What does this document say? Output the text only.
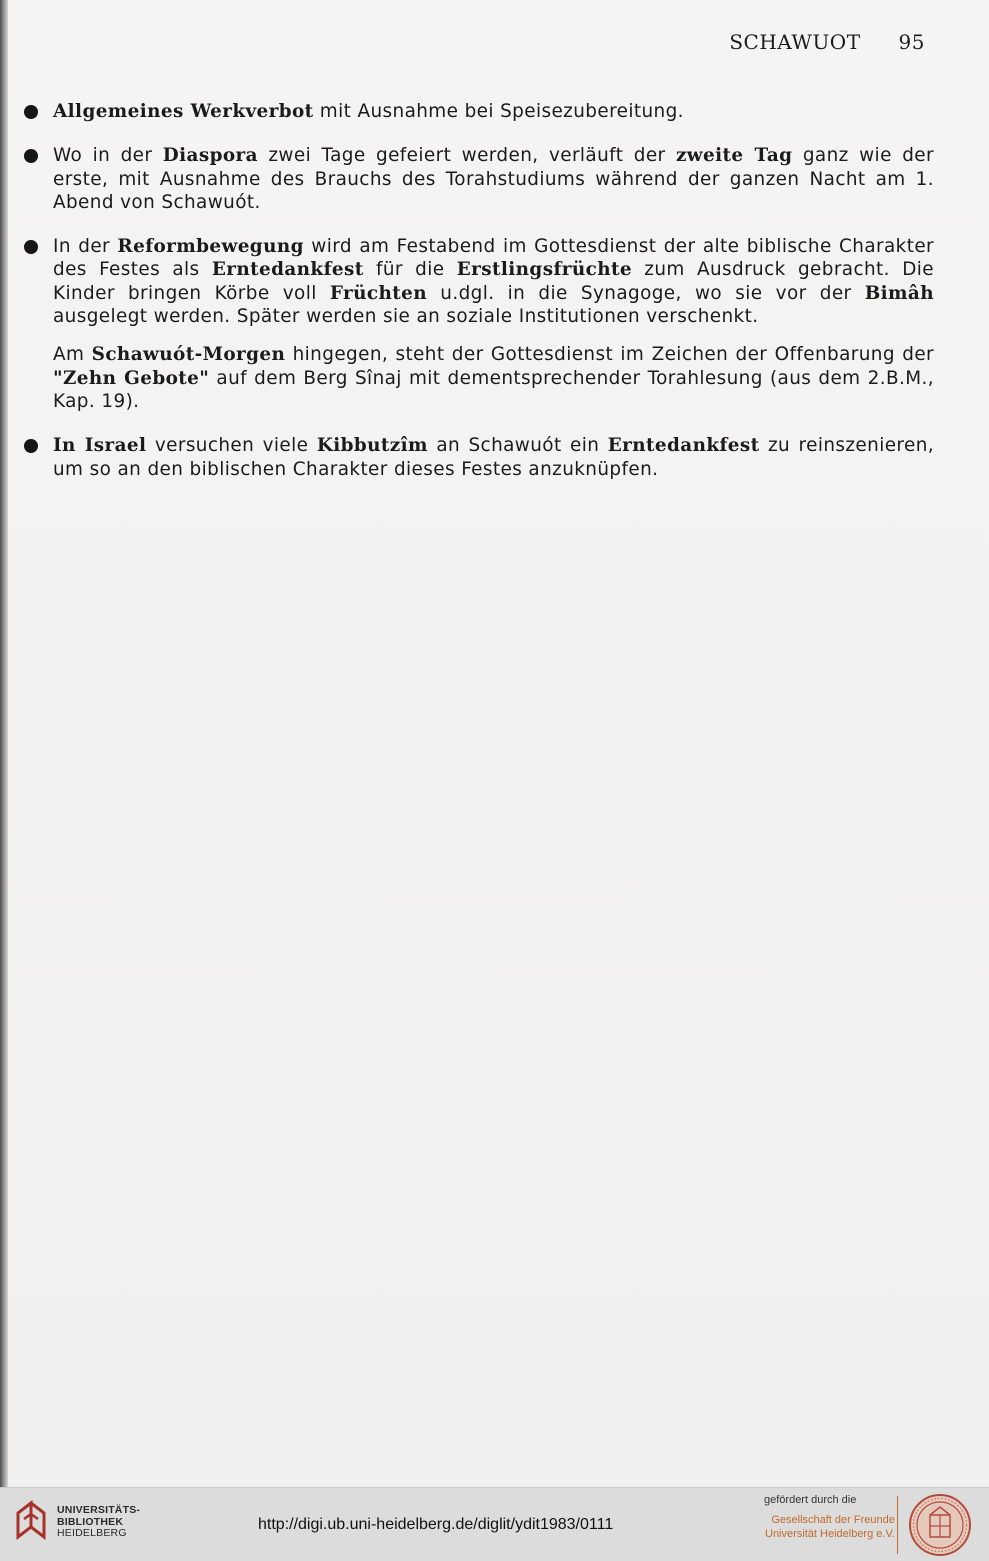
SCHAWUOT 95

Allgemeines Werkverbot mit Ausnahme bei Speisezubereitung.

Wo in der Diaspora zwei Tage gefeiert werden, verläuft der zweite Tag ganz wie der erste, mit Ausnahme des Brauchs des Torahstudiums während der ganzen Nacht am 1. Abend von Schawuót.

In der Reformbewegung wird am Festabend im Gottesdienst der alte biblische Charakter des Festes als Erntedankfest für die Erstlingsfrüchte zum Ausdruck gebracht. Die Kinder bringen Körbe voll Früchten u.dgl. in die Synagoge, wo sie vor der Bimâh ausgelegt werden. Später werden sie an soziale Institutionen verschenkt.

Am Schawuót-Morgen hingegen, steht der Gottesdienst im Zeichen der Offenbarung der "Zehn Gebote" auf dem Berg Sînaj mit dementsprechender Torahlesung (aus dem 2.B.M., Kap. 19).

In Israel versuchen viele Kibbutzîm an Schawuót ein Erntedankfest zu reinszenieren, um so an den biblischen Charakter dieses Festes anzuknüpfen.

UNIVERSITÄTS-
BIBLIOTHEK
HEIDELBERG	http://digi.ub.uni-heidelberg.de/diglit/ydit1983/0111
gefördert durch die
Gesellschaft der Freunde
Universität Heidelberg e.V.
